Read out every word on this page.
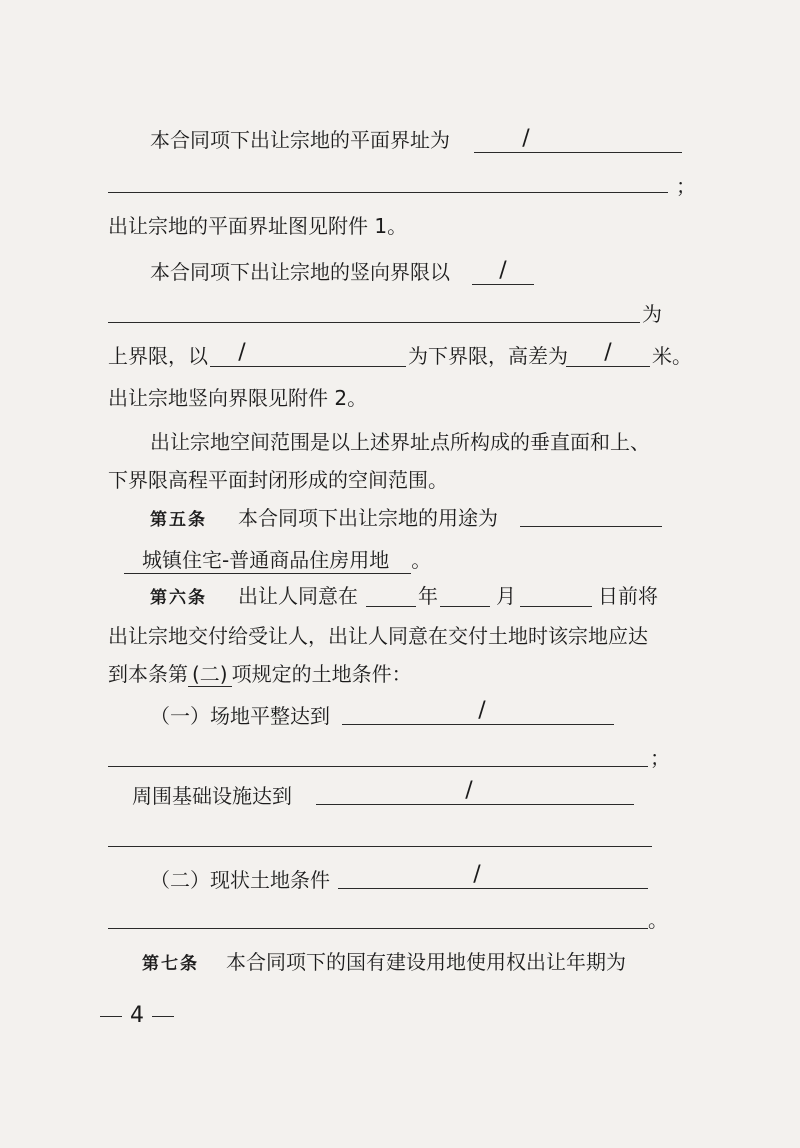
本合同项下出让宗地的平面界址为	/
；
出让宗地的平面界址图见附件 1。
本合同项下出让宗地的竖向界限以	/
为
上界限，以	/	为下界限，高差为	/	米。
出让宗地竖向界限见附件 2。
出让宗地空间范围是以上述界址点所构成的垂直面和上、
下界限高程平面封闭形成的空间范围。
第五条 本合同项下出让宗地的用途为
城镇住宅-普通商品住房用地 。
第六条 出让人同意在	年	月	日前将
出让宗地交付给受让人，出让人同意在交付土地时该宗地应达
到本条第 (二) 项规定的土地条件：
（一）场地平整达到	/
；
周围基础设施达到	/
（二）现状土地条件	/
。
第七条 本合同项下的国有建设用地使用权出让年期为
4
